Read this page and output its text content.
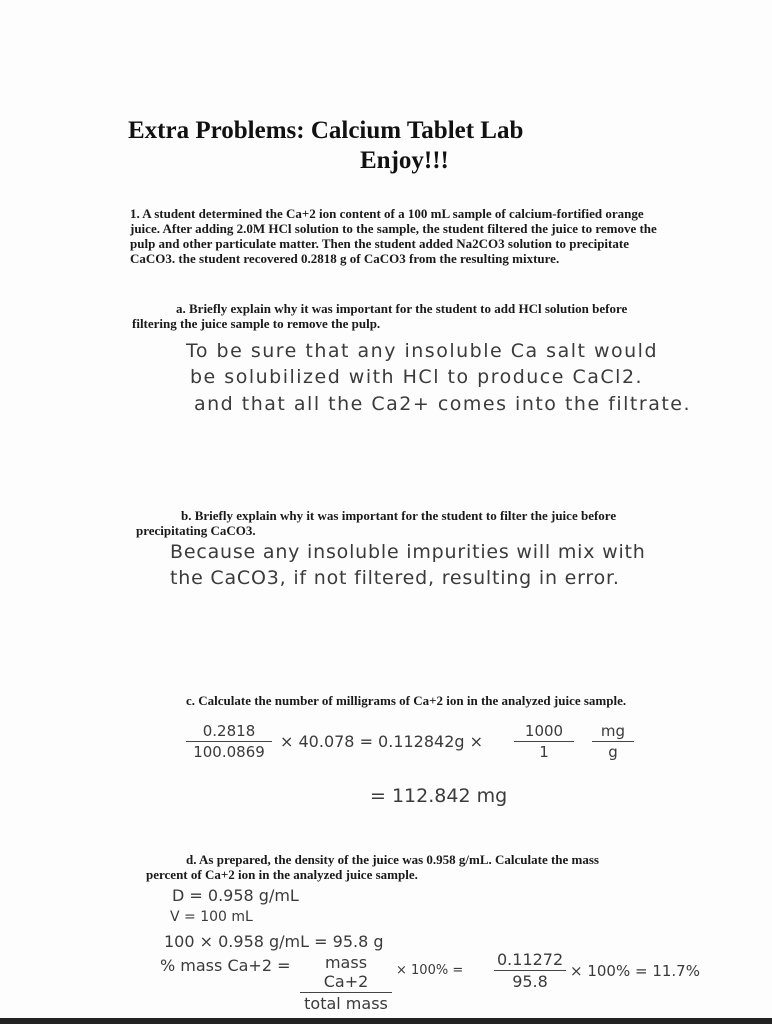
Extra Problems: Calcium Tablet Lab
Enjoy!!!
1. A student determined the Ca+2 ion content of a 100 mL sample of calcium-fortified orange juice. After adding 2.0M HCl solution to the sample, the student filtered the juice to remove the pulp and other particulate matter. Then the student added Na2CO3 solution to precipitate CaCO3. the student recovered 0.2818 g of CaCO3 from the resulting mixture.
a. Briefly explain why it was important for the student to add HCl solution before
filtering the juice sample to remove the pulp.
To be sure that any insoluble Ca salt would
be solubilized with HCl to produce CaCl2.
and that all the Ca2+ comes into the filtrate.
b. Briefly explain why it was important for the student to filter the juice before
precipitating CaCO3.
Because any insoluble impurities will mix with
the CaCO3, if not filtered, resulting in error.
c. Calculate the number of milligrams of Ca+2 ion in the analyzed juice sample.
$\frac{0.2818}{100.0869} \times 40.078 = 0.112842g \times \frac{1000}{1} \frac{mg}{g}$
= 112.842 mg
d. As prepared, the density of the juice was 0.958 g/mL. Calculate the mass
percent of Ca+2 ion in the analyzed juice sample.
D = 0.958 g/mL
V = 100 mL
100 × 0.958 g/mL = 95.8 g
% mass Ca+2 =	mass Ca+2
total mass
× $100\% = \frac{0.11272}{95.8} \times 100\% = 11.7\%$
